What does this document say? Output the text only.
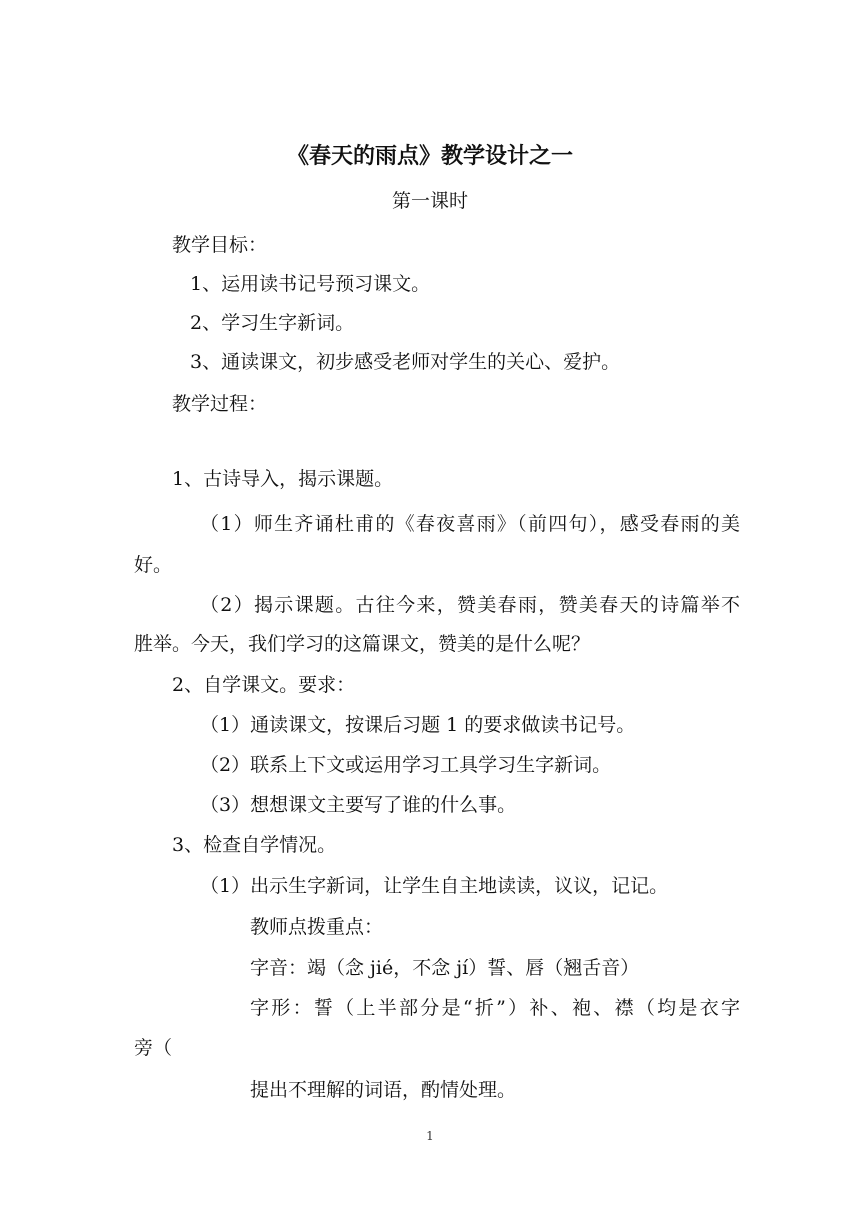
《春天的雨点》教学设计之一
第一课时
教学目标：
1、运用读书记号预习课文。
2、学习生字新词。
3、通读课文，初步感受老师对学生的关心、爱护。
教学过程：
1、古诗导入，揭示课题。
（1）师生齐诵杜甫的《春夜喜雨》（前四句），感受春雨的美
好。
（2）揭示课题。古往今来，赞美春雨，赞美春天的诗篇举不
胜举。今天，我们学习的这篇课文，赞美的是什么呢？
2、自学课文。要求：
（1）通读课文，按课后习题 1 的要求做读书记号。
（2）联系上下文或运用学习工具学习生字新词。
（3）想想课文主要写了谁的什么事。
3、检查自学情况。
（1）出示生字新词，让学生自主地读读，议议，记记。
教师点拨重点：
字音：竭（念 jié，不念 jí）誓、唇（翘舌音）
字形：誓（上半部分是“折”）补、袍、襟（均是衣字
旁（
提出不理解的词语，酌情处理。
1
